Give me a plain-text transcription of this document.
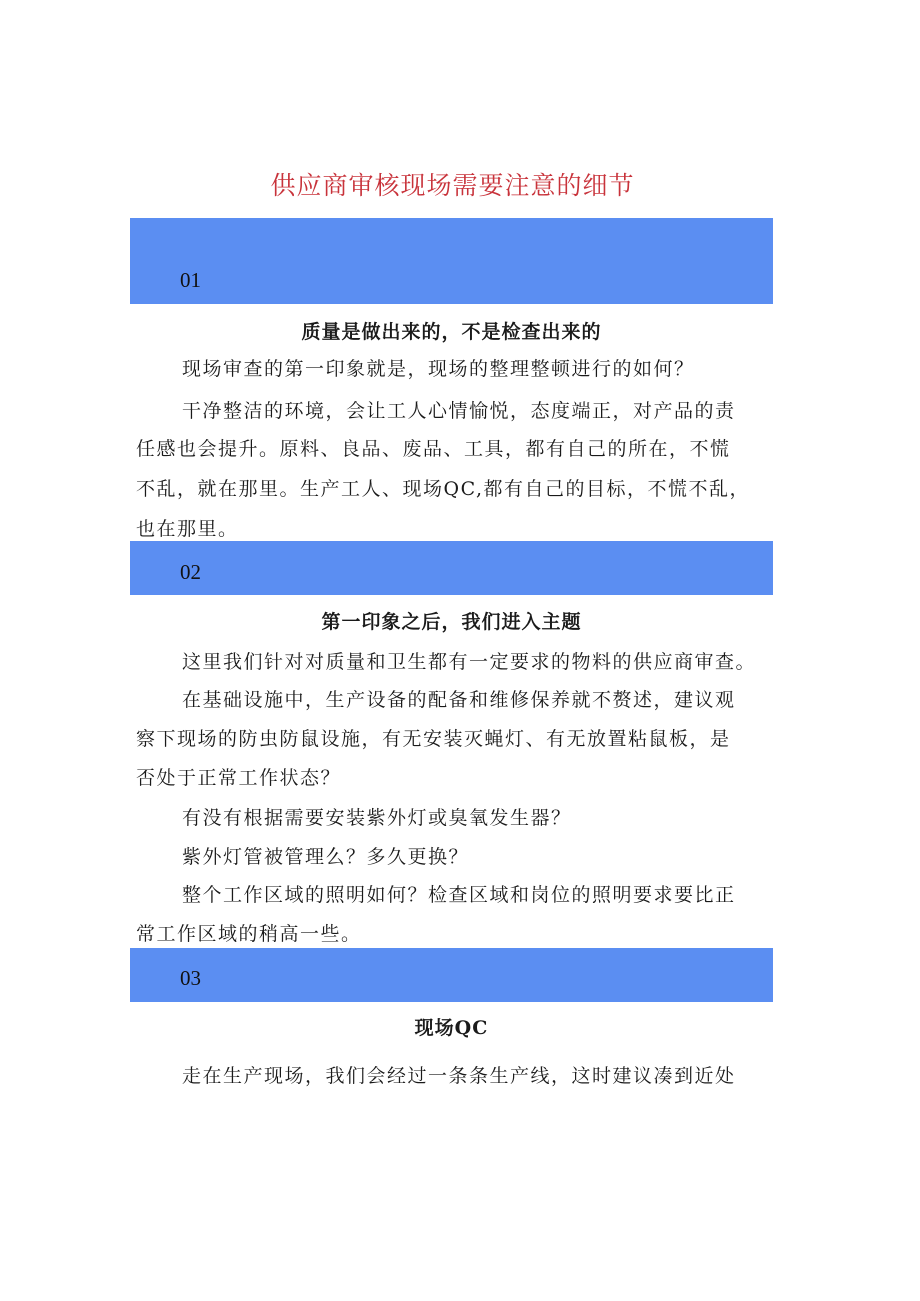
供应商审核现场需要注意的细节
01
质量是做出来的，不是检查出来的
现场审查的第一印象就是，现场的整理整顿进行的如何？
干净整洁的环境，会让工人心情愉悦，态度端正，对产品的责
任感也会提升。原料、良品、废品、工具，都有自己的所在，不慌
不乱，就在那里。生产工人、现场QC,都有自己的目标，不慌不乱，
也在那里。
02
第一印象之后，我们进入主题
这里我们针对对质量和卫生都有一定要求的物料的供应商审查。
在基础设施中，生产设备的配备和维修保养就不赘述，建议观
察下现场的防虫防鼠设施，有无安装灭蝇灯、有无放置粘鼠板，是
否处于正常工作状态？
有没有根据需要安装紫外灯或臭氧发生器？
紫外灯管被管理么？多久更换？
整个工作区域的照明如何？检查区域和岗位的照明要求要比正
常工作区域的稍高一些。
03
现场QC
走在生产现场，我们会经过一条条生产线，这时建议凑到近处
